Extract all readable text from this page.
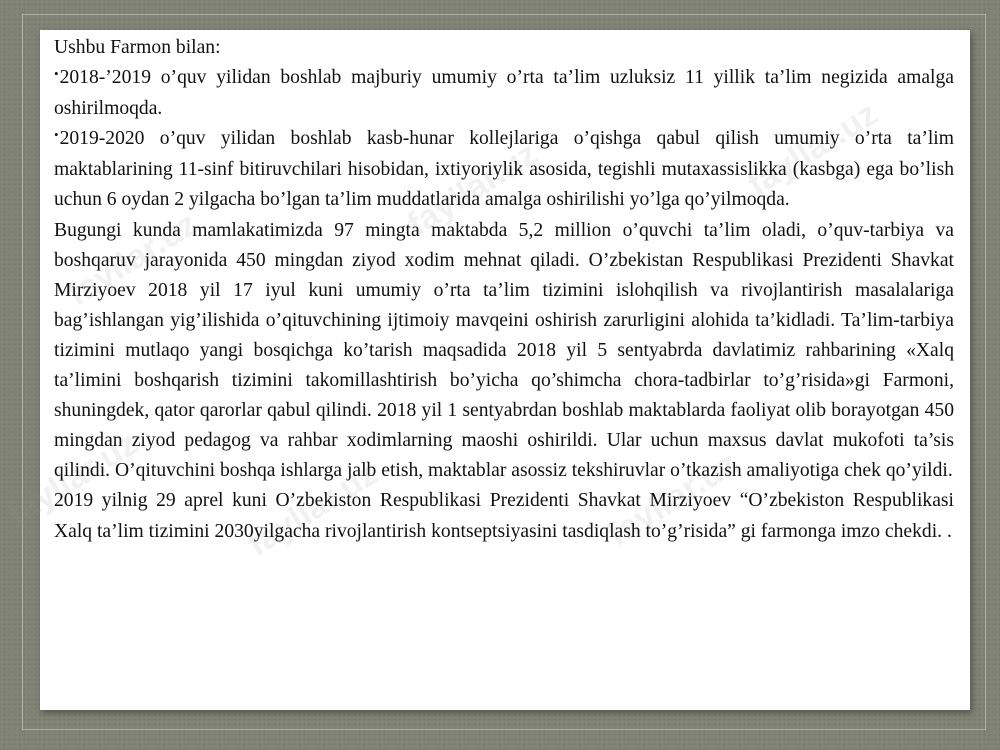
fayllar.uz
fayllar.uz	fayllar.uz
fayllar.uz	fayllar.uz
fayllar.uz

Ushbu Farmon bilan:

•2018-’2019 o’quv yilidan boshlab majburiy umumiy o’rta ta’lim uzluksiz 11 yillik ta’lim negizida amalga oshirilmoqda.

•2019-2020 o’quv yilidan boshlab kasb-hunar kollejlariga o’qishga qabul qilish umumiy o’rta ta’lim maktablarining 11-sinf bitiruvchilari hisobidan, ixtiyoriylik asosida, tegishli mutaxassislikka (kasbga) ega bo’lish uchun 6 oydan 2 yilgacha bo’lgan ta’lim muddatlarida amalga oshirilishi yo’lga qo’yilmoqda.

Bugungi kunda mamlakatimizda 97 mingta maktabda 5,2 million o’quvchi ta’lim oladi, o’quv-tarbiya va boshqaruv jarayonida 450 mingdan ziyod xodim mehnat qiladi. O’zbekistan Respublikasi Prezidenti Shavkat Mirziyoev 2018 yil 17 iyul kuni umumiy o’rta ta’lim tizimini islohqilish va rivojlantirish masalalariga bag’ishlangan yig’ilishida o’qituvchining ijtimoiy mavqeini oshirish zarurligini alohida ta’kidladi. Ta’lim-tarbiya tizimini mutlaqo yangi bosqichga ko’tarish maqsadida 2018 yil 5 sentyabrda davlatimiz rahbarining «Xalq ta’limini boshqarish tizimini takomillashtirish bo’yicha qo’shimcha chora-tadbirlar to’g’risida»gi Farmoni, shuningdek, qator qarorlar qabul qilindi. 2018 yil 1 sentyabrdan boshlab maktablarda faoliyat olib borayotgan 450 mingdan ziyod pedagog va rahbar xodimlarning maoshi oshirildi. Ular uchun maxsus davlat mukofoti ta’sis qilindi. O’qituvchini boshqa ishlarga jalb etish, maktablar asossiz tekshiruvlar o’tkazish amaliyotiga chek qo’yildi.

2019 yilnig 29 aprel kuni O’zbekiston Respublikasi Prezidenti Shavkat Mirziyoev “O’zbekiston Respublikasi Xalq ta’lim tizimini 2030yilgacha rivojlantirish kontseptsiyasini tasdiqlash to’g’risida” gi farmonga imzo chekdi. .
